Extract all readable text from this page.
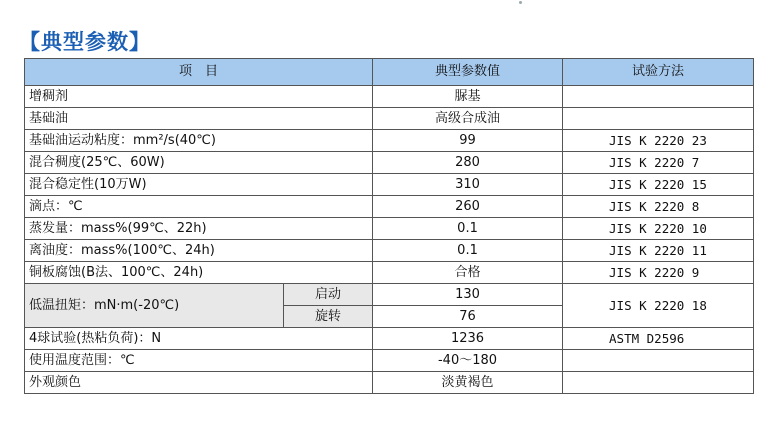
【典型参数】
项　目		典型参数值	试验方法
增稠剂		脲基	
基础油		高级合成油	
基础油运动粘度：mm²/s(40℃)		99	JIS K 2220 23
混合稠度(25℃、60W)		280	JIS K 2220 7
混合稳定性(10万W)		310	JIS K 2220 15
滴点：℃		260	JIS K 2220 8
蒸发量：mass%(99℃、22h)		0.1	JIS K 2220 10
离油度：mass%(100℃、24h)		0.1	JIS K 2220 11
铜板腐蚀(B法、100℃、24h)		合格	JIS K 2220 9
低温扭矩：mN·m(-20℃)	启动	130	JIS K 2220 18
	旋转	76	
4球试验(热粘负荷)：N		1236	ASTM D2596
使用温度范围：℃		-40～180	
外观颜色		淡黄褐色	
